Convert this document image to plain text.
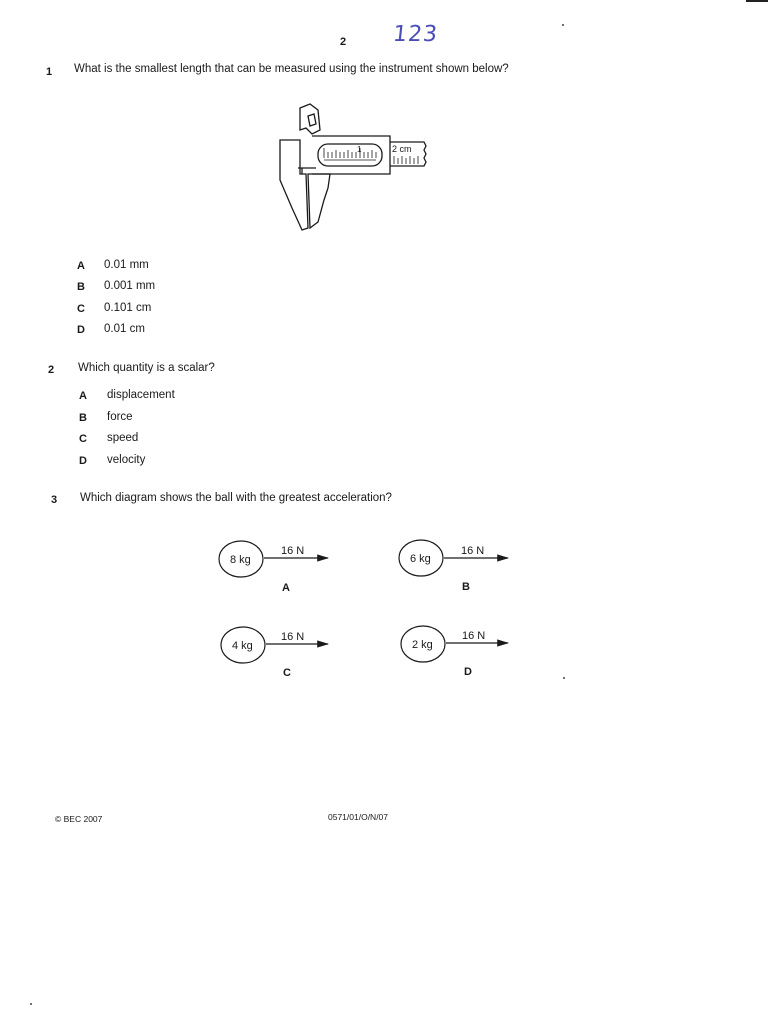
2 123
1 What is the smallest length that can be measured using the instrument shown below?
1	2 cm
A 0.01 mm
B 0.001 mm
C 0.101 cm
D 0.01 cm
2 Which quantity is a scalar?
A displacement
B force
C speed
D velocity
3 Which diagram shows the ball with the greatest acceleration?
8 kg
16 N
A
6 kg
16 N
B
4 kg
16 N
C
2 kg
16 N
D
© BEC 2007	0571/01/O/N/07
